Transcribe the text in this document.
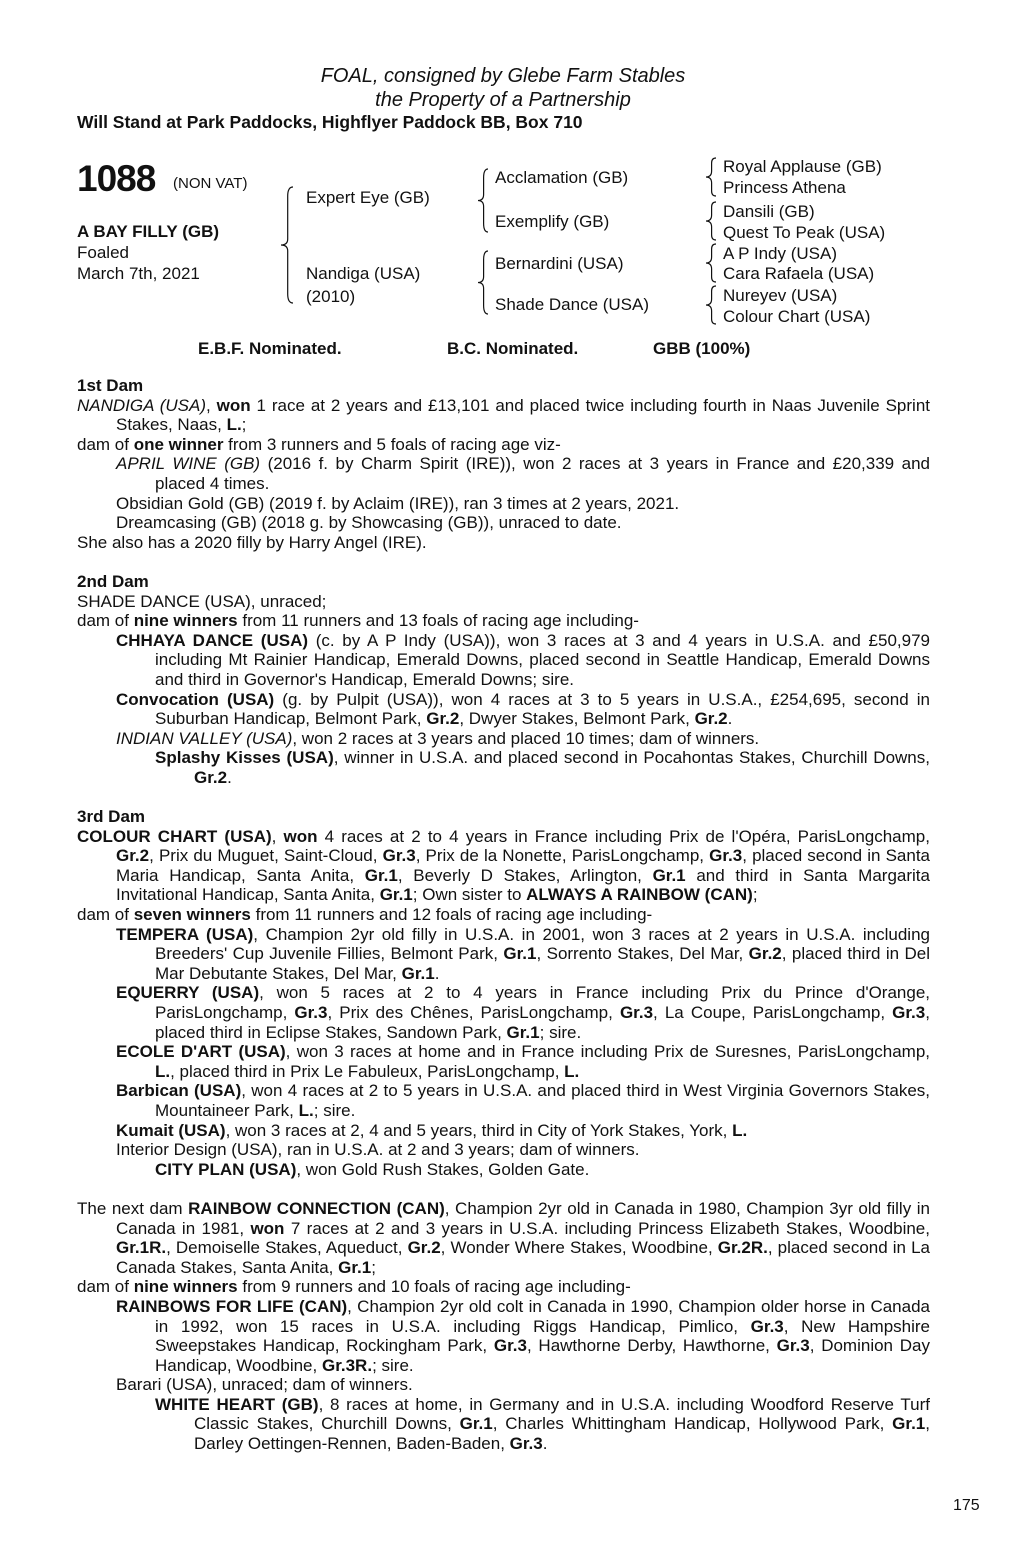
FOAL, consigned by Glebe Farm Stables
the Property of a Partnership
Will Stand at Park Paddocks, Highflyer Paddock BB, Box 710
1088 (NON VAT)
A BAY FILLY (GB)
Foaled
March 7th, 2021
Expert Eye (GB)
Nandiga (USA)
(2010)
Acclamation (GB)
Exemplify (GB)
Bernardini (USA)
Shade Dance (USA)
Royal Applause (GB)
Princess Athena
Dansili (GB)
Quest To Peak (USA)
A P Indy (USA)
Cara Rafaela (USA)
Nureyev (USA)
Colour Chart (USA)
E.B.F. Nominated.	B.C. Nominated.	GBB (100%)
1st Dam
NANDIGA (USA), won 1 race at 2 years and £13,101 and placed twice including fourth in Naas Juvenile Sprint Stakes, Naas, L.;
dam of one winner from 3 runners and 5 foals of racing age viz-
APRIL WINE (GB) (2016 f. by Charm Spirit (IRE)), won 2 races at 3 years in France and £20,339 and placed 4 times.
Obsidian Gold (GB) (2019 f. by Aclaim (IRE)), ran 3 times at 2 years, 2021.
Dreamcasing (GB) (2018 g. by Showcasing (GB)), unraced to date.
She also has a 2020 filly by Harry Angel (IRE).
2nd Dam
SHADE DANCE (USA), unraced;
dam of nine winners from 11 runners and 13 foals of racing age including-
CHHAYA DANCE (USA) (c. by A P Indy (USA)), won 3 races at 3 and 4 years in U.S.A. and £50,979 including Mt Rainier Handicap, Emerald Downs, placed second in Seattle Handicap, Emerald Downs and third in Governor's Handicap, Emerald Downs; sire.
Convocation (USA) (g. by Pulpit (USA)), won 4 races at 3 to 5 years in U.S.A., £254,695, second in Suburban Handicap, Belmont Park, Gr.2, Dwyer Stakes, Belmont Park, Gr.2.
INDIAN VALLEY (USA), won 2 races at 3 years and placed 10 times; dam of winners.
Splashy Kisses (USA), winner in U.S.A. and placed second in Pocahontas Stakes, Churchill Downs, Gr.2.
3rd Dam
COLOUR CHART (USA), won 4 races at 2 to 4 years in France including Prix de l'Opéra, ParisLongchamp, Gr.2, Prix du Muguet, Saint-Cloud, Gr.3, Prix de la Nonette, ParisLongchamp, Gr.3, placed second in Santa Maria Handicap, Santa Anita, Gr.1, Beverly D Stakes, Arlington, Gr.1 and third in Santa Margarita Invitational Handicap, Santa Anita, Gr.1; Own sister to ALWAYS A RAINBOW (CAN);
dam of seven winners from 11 runners and 12 foals of racing age including-
TEMPERA (USA), Champion 2yr old filly in U.S.A. in 2001, won 3 races at 2 years in U.S.A. including Breeders' Cup Juvenile Fillies, Belmont Park, Gr.1, Sorrento Stakes, Del Mar, Gr.2, placed third in Del Mar Debutante Stakes, Del Mar, Gr.1.
EQUERRY (USA), won 5 races at 2 to 4 years in France including Prix du Prince d'Orange, ParisLongchamp, Gr.3, Prix des Chênes, ParisLongchamp, Gr.3, La Coupe, ParisLongchamp, Gr.3, placed third in Eclipse Stakes, Sandown Park, Gr.1; sire.
ECOLE D'ART (USA), won 3 races at home and in France including Prix de Suresnes, ParisLongchamp, L., placed third in Prix Le Fabuleux, ParisLongchamp, L.
Barbican (USA), won 4 races at 2 to 5 years in U.S.A. and placed third in West Virginia Governors Stakes, Mountaineer Park, L.; sire.
Kumait (USA), won 3 races at 2, 4 and 5 years, third in City of York Stakes, York, L.
Interior Design (USA), ran in U.S.A. at 2 and 3 years; dam of winners.
CITY PLAN (USA), won Gold Rush Stakes, Golden Gate.
The next dam RAINBOW CONNECTION (CAN), Champion 2yr old in Canada in 1980, Champion 3yr old filly in Canada in 1981, won 7 races at 2 and 3 years in U.S.A. including Princess Elizabeth Stakes, Woodbine, Gr.1R., Demoiselle Stakes, Aqueduct, Gr.2, Wonder Where Stakes, Woodbine, Gr.2R., placed second in La Canada Stakes, Santa Anita, Gr.1;
dam of nine winners from 9 runners and 10 foals of racing age including-
RAINBOWS FOR LIFE (CAN), Champion 2yr old colt in Canada in 1990, Champion older horse in Canada in 1992, won 15 races in U.S.A. including Riggs Handicap, Pimlico, Gr.3, New Hampshire Sweepstakes Handicap, Rockingham Park, Gr.3, Hawthorne Derby, Hawthorne, Gr.3, Dominion Day Handicap, Woodbine, Gr.3R.; sire.
Barari (USA), unraced; dam of winners.
WHITE HEART (GB), 8 races at home, in Germany and in U.S.A. including Woodford Reserve Turf Classic Stakes, Churchill Downs, Gr.1, Charles Whittingham Handicap, Hollywood Park, Gr.1, Darley Oettingen-Rennen, Baden-Baden, Gr.3.
175
